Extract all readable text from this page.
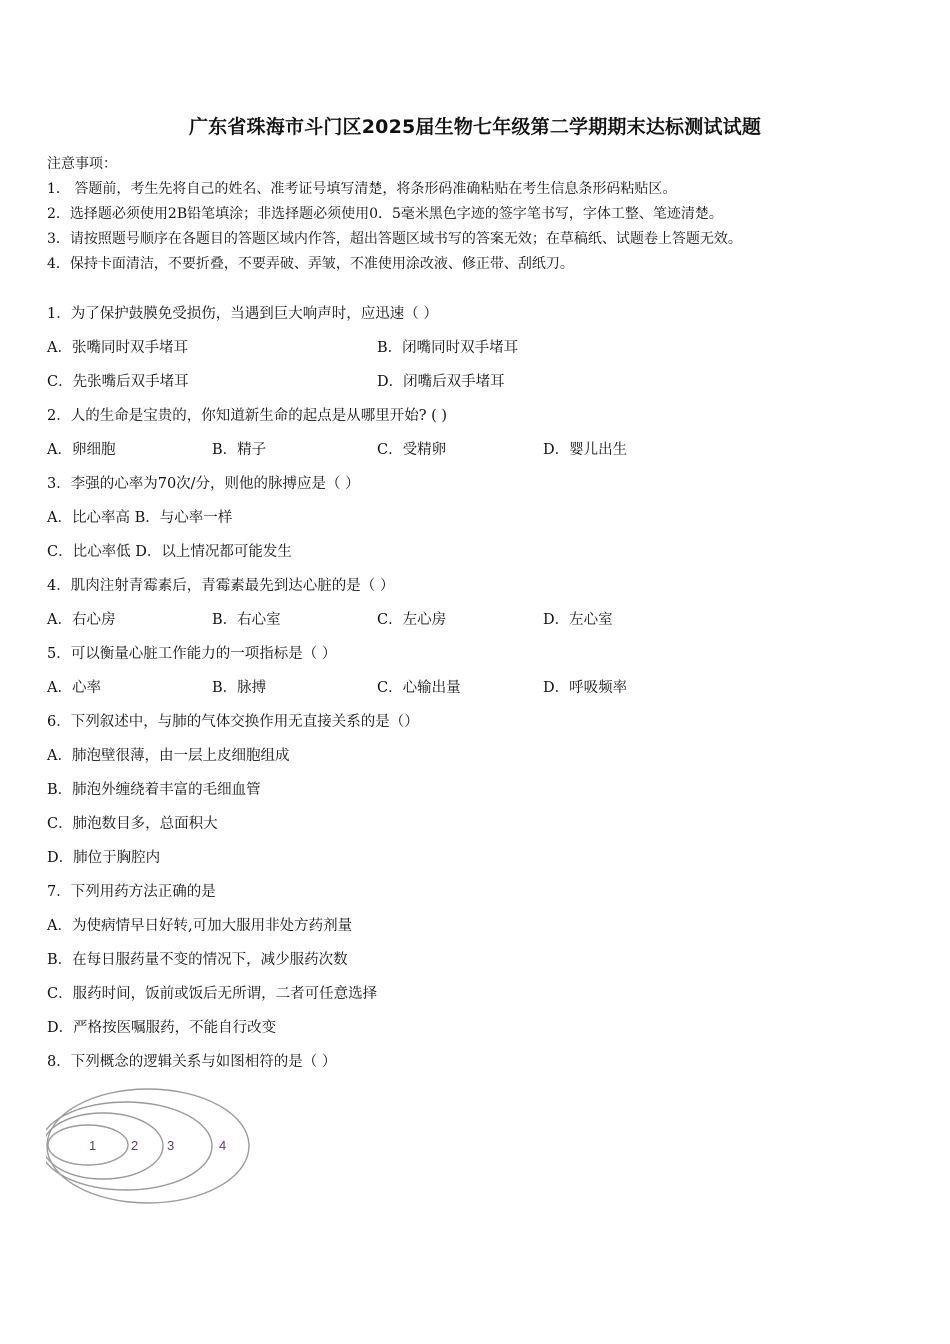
广东省珠海市斗门区2025届生物七年级第二学期期末达标测试试题
注意事项：
1． 答题前，考生先将自己的姓名、准考证号填写清楚，将条形码准确粘贴在考生信息条形码粘贴区。
2．选择题必须使用2B铅笔填涂；非选择题必须使用0．5毫米黑色字迹的签字笔书写，字体工整、笔迹清楚。
3．请按照题号顺序在各题目的答题区域内作答，超出答题区域书写的答案无效；在草稿纸、试题卷上答题无效。
4．保持卡面清洁，不要折叠，不要弄破、弄皱，不准使用涂改液、修正带、刮纸刀。
1．为了保护鼓膜免受损伤，当遇到巨大响声时，应迅速（ ）
A．张嘴同时双手堵耳	B．闭嘴同时双手堵耳
C．先张嘴后双手堵耳	D．闭嘴后双手堵耳
2．人的生命是宝贵的，你知道新生命的起点是从哪里开始? ( )
A．卵细胞	B．精子	C．受精卵	D．婴儿出生
3．李强的心率为70次/分，则他的脉搏应是（ ）
A．比心率高 B．与心率一样
C．比心率低 D．以上情况都可能发生
4．肌肉注射青霉素后，青霉素最先到达心脏的是（ ）
A．右心房	B．右心室	C．左心房	D．左心室
5．可以衡量心脏工作能力的一项指标是（ ）
A．心率	B．脉搏	C．心输出量	D．呼吸频率
6．下列叙述中，与肺的气体交换作用无直接关系的是（）
A．肺泡壁很薄，由一层上皮细胞组成
B．肺泡外缠绕着丰富的毛细血管
C．肺泡数目多，总面积大
D．肺位于胸腔内
7．下列用药方法正确的是
A．为使病情早日好转,可加大服用非处方药剂量
B．在每日服药量不变的情况下，减少服药次数
C．服药时间，饭前或饭后无所谓，二者可任意选择
D．严格按医嘱服药，不能自行改变
8．下列概念的逻辑关系与如图相符的是（ ）
1	2 3	4
